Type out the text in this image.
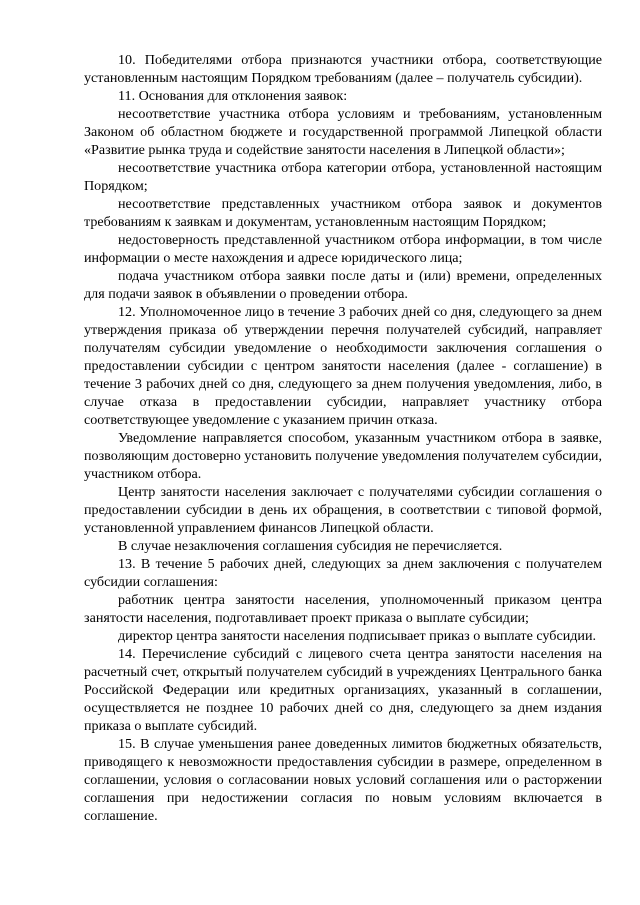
10. Победителями отбора признаются участники отбора, соответствующие установленным настоящим Порядком требованиям (далее – получатель субсидии).

11. Основания для отклонения заявок:

несоответствие участника отбора условиям и требованиям, установленным Законом об областном бюджете и государственной программой Липецкой области «Развитие рынка труда и содействие занятости населения в Липецкой области»;

несоответствие участника отбора категории отбора, установленной настоящим Порядком;

несоответствие представленных участником отбора заявок и документов требованиям к заявкам и документам, установленным настоящим Порядком;

недостоверность представленной участником отбора информации, в том числе информации о месте нахождения и адресе юридического лица;

подача участником отбора заявки после даты и (или) времени, определенных для подачи заявок в объявлении о проведении отбора.

12. Уполномоченное лицо в течение 3 рабочих дней со дня, следующего за днем утверждения приказа об утверждении перечня получателей субсидий, направляет получателям субсидии уведомление о необходимости заключения соглашения о предоставлении субсидии с центром занятости населения (далее - соглашение) в течение 3 рабочих дней со дня, следующего за днем получения уведомления, либо, в случае отказа в предоставлении субсидии, направляет участнику отбора соответствующее уведомление с указанием причин отказа.

Уведомление направляется способом, указанным участником отбора в заявке, позволяющим достоверно установить получение уведомления получателем субсидии, участником отбора.

Центр занятости населения заключает с получателями субсидии соглашения о предоставлении субсидии в день их обращения, в соответствии с типовой формой, установленной управлением финансов Липецкой области.

В случае незаключения соглашения субсидия не перечисляется.

13. В течение 5 рабочих дней, следующих за днем заключения с получателем субсидии соглашения:

работник центра занятости населения, уполномоченный приказом центра занятости населения, подготавливает проект приказа о выплате субсидии;

директор центра занятости населения подписывает приказ о выплате субсидии.

14. Перечисление субсидий с лицевого счета центра занятости населения на расчетный счет, открытый получателем субсидий в учреждениях Центрального банка Российской Федерации или кредитных организациях, указанный в соглашении, осуществляется не позднее 10 рабочих дней со дня, следующего за днем издания приказа о выплате субсидий.

15. В случае уменьшения ранее доведенных лимитов бюджетных обязательств, приводящего к невозможности предоставления субсидии в размере, определенном в соглашении, условия о согласовании новых условий соглашения или о расторжении соглашения при недостижении согласия по новым условиям включается в соглашение.
